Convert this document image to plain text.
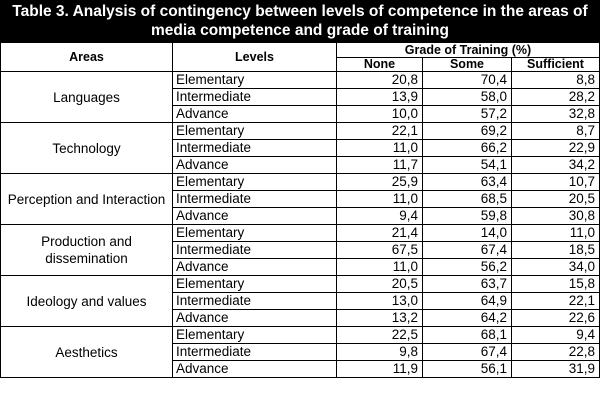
Table 3. Analysis of contingency between levels of competence in the areas of
media competence and grade of training
Areas	Levels	Grade of Training (%)		
		None	Some	Sufficient
Languages	Elementary	20,8	70,4	8,8
	Intermediate	13,9	58,0	28,2
	Advance	10,0	57,2	32,8
Technology	Elementary	22,1	69,2	8,7
	Intermediate	11,0	66,2	22,9
	Advance	11,7	54,1	34,2
Perception and Interaction	Elementary	25,9	63,4	10,7
	Intermediate	11,0	68,5	20,5
	Advance	9,4	59,8	30,8
Production and dissemination	Elementary	21,4	14,0	11,0
	Intermediate	67,5	67,4	18,5
	Advance	11,0	56,2	34,0
Ideology and values	Elementary	20,5	63,7	15,8
	Intermediate	13,0	64,9	22,1
	Advance	13,2	64,2	22,6
Aesthetics	Elementary	22,5	68,1	9,4
	Intermediate	9,8	67,4	22,8
	Advance	11,9	56,1	31,9
